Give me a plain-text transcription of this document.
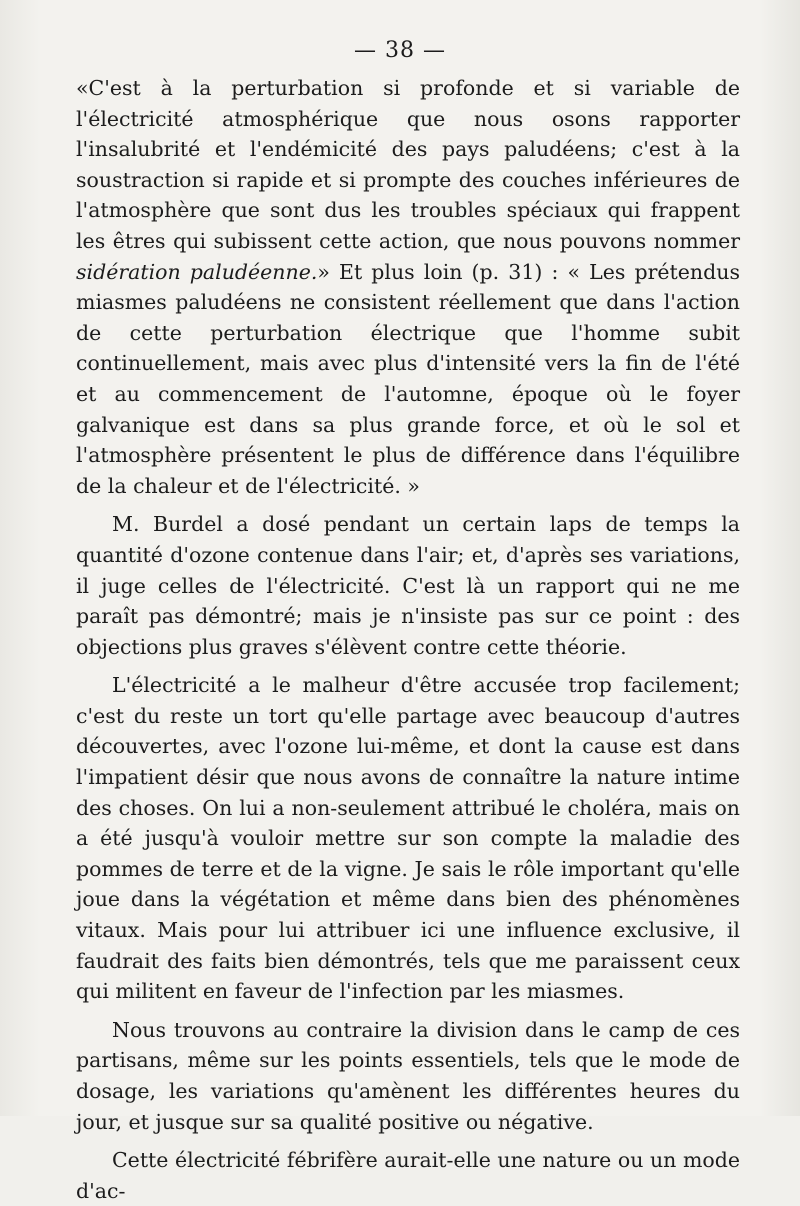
— 38 —

«C'est à la perturbation si profonde et si variable de l'électricité atmosphérique que nous osons rapporter l'insalubrité et l'endémicité des pays paludéens; c'est à la soustraction si rapide et si prompte des couches inférieures de l'atmosphère que sont dus les troubles spéciaux qui frappent les êtres qui subissent cette action, que nous pouvons nommer sidération paludéenne.» Et plus loin (p. 31) : « Les prétendus miasmes paludéens ne consistent réellement que dans l'action de cette perturbation électrique que l'homme subit continuellement, mais avec plus d'intensité vers la fin de l'été et au commencement de l'automne, époque où le foyer galvanique est dans sa plus grande force, et où le sol et l'atmosphère présentent le plus de différence dans l'équilibre de la chaleur et de l'électricité. »

M. Burdel a dosé pendant un certain laps de temps la quantité d'ozone contenue dans l'air; et, d'après ses variations, il juge celles de l'électricité. C'est là un rapport qui ne me paraît pas démontré; mais je n'insiste pas sur ce point : des objections plus graves s'élèvent contre cette théorie.

L'électricité a le malheur d'être accusée trop facilement; c'est du reste un tort qu'elle partage avec beaucoup d'autres découvertes, avec l'ozone lui-même, et dont la cause est dans l'impatient désir que nous avons de connaître la nature intime des choses. On lui a non-seulement attribué le choléra, mais on a été jusqu'à vouloir mettre sur son compte la maladie des pommes de terre et de la vigne. Je sais le rôle important qu'elle joue dans la végétation et même dans bien des phénomènes vitaux. Mais pour lui attribuer ici une influence exclusive, il faudrait des faits bien démontrés, tels que me paraissent ceux qui militent en faveur de l'infection par les miasmes.

Nous trouvons au contraire la division dans le camp de ces partisans, même sur les points essentiels, tels que le mode de dosage, les variations qu'amènent les différentes heures du jour, et jusque sur sa qualité positive ou négative.

Cette électricité fébrifère aurait-elle une nature ou un mode d'ac-
